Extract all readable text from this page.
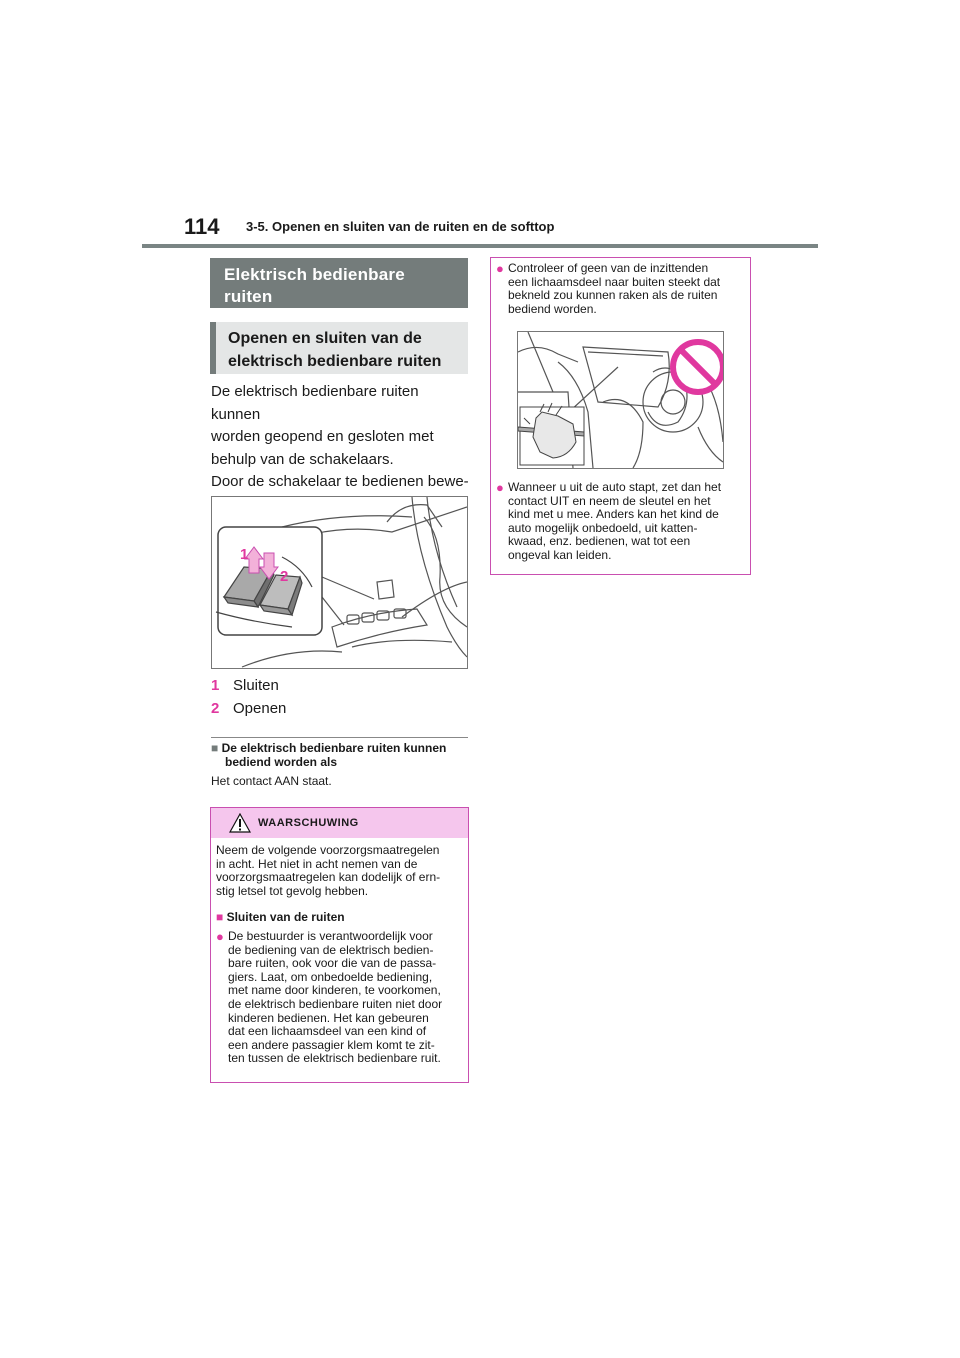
114 3-5. Openen en sluiten van de ruiten en de softtop
Elektrisch bedienbare ruiten
Openen en sluiten van de elektrisch bedienbare ruiten

De elektrisch bedienbare ruiten kunnen

worden geopend en gesloten met

behulp van de schakelaars.

Door de schakelaar te bedienen bewe-

1
2
1 Sluiten
2 Openen
■ De elektrisch bedienbare ruiten kunnen
bediend worden als
Het contact AAN staat.
WAARSCHUWING
Neem de volgende voorzorgsmaatregelen
in acht. Het niet in acht nemen van de
voorzorgsmaatregelen kan dodelijk of ern-
stig letsel tot gevolg hebben.
■ Sluiten van de ruiten
● De bestuurder is verantwoordelijk voor
de bediening van de elektrisch bedien-
bare ruiten, ook voor die van de passa-
giers. Laat, om onbedoelde bediening,
met name door kinderen, te voorkomen,
de elektrisch bedienbare ruiten niet door
kinderen bedienen. Het kan gebeuren
dat een lichaamsdeel van een kind of
een andere passagier klem komt te zit-
ten tussen de elektrisch bedienbare ruit.
● Controleer of geen van de inzittenden
een lichaamsdeel naar buiten steekt dat
bekneld zou kunnen raken als de ruiten
bediend worden.
● Wanneer u uit de auto stapt, zet dan het
contact UIT en neem de sleutel en het
kind met u mee. Anders kan het kind de
auto mogelijk onbedoeld, uit katten-
kwaad, enz. bedienen, wat tot een
ongeval kan leiden.
